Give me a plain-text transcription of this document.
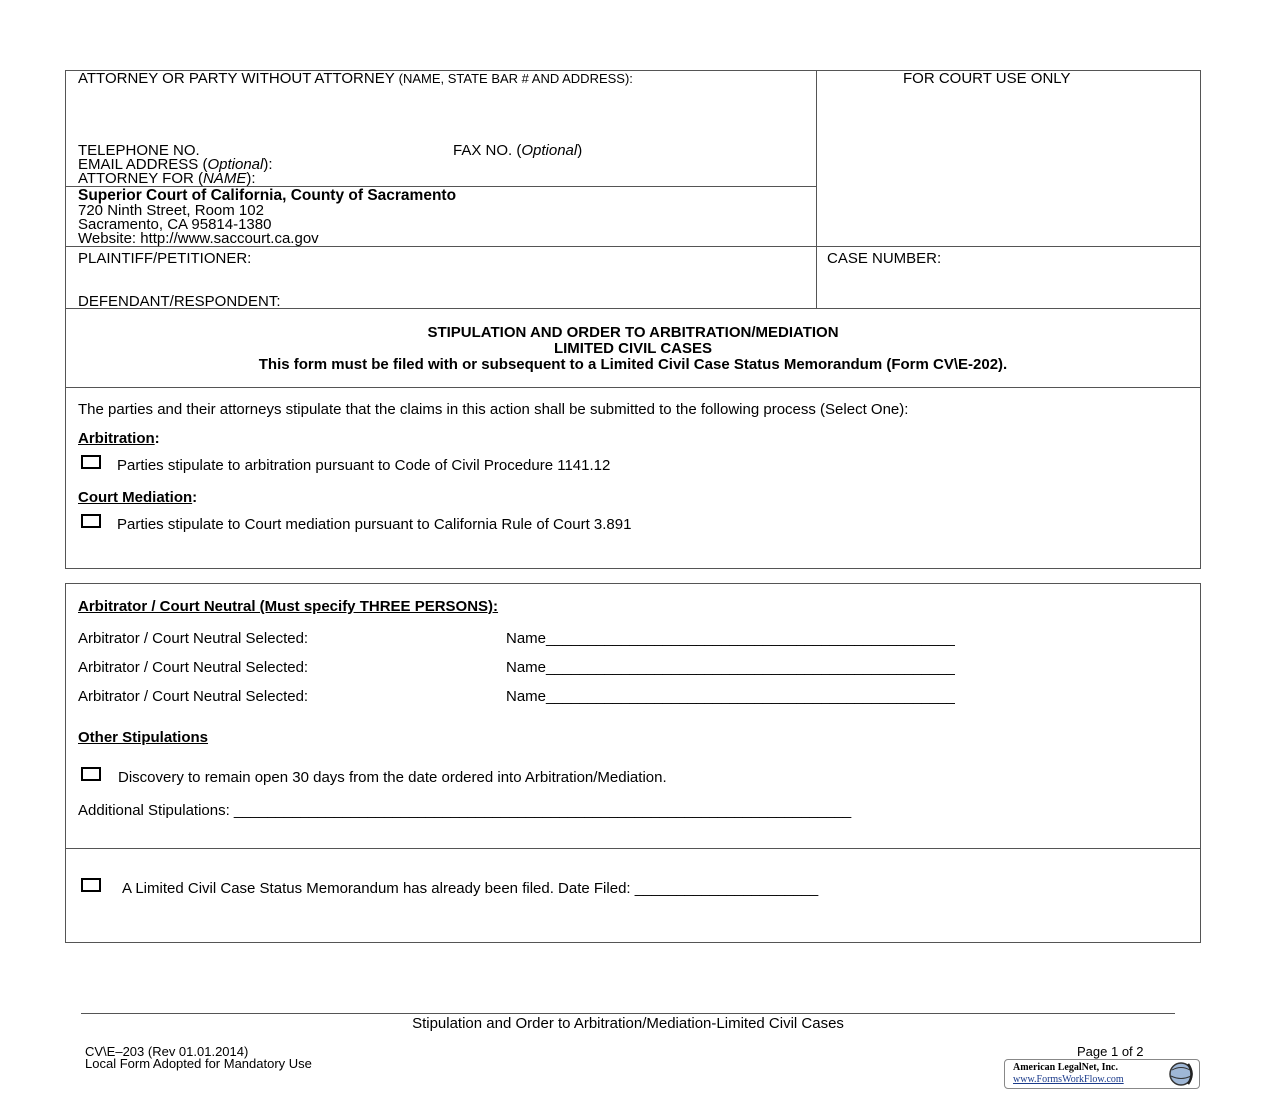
ATTORNEY OR PARTY WITHOUT ATTORNEY (NAME, STATE BAR # AND ADDRESS):	FOR COURT USE ONLY
TELEPHONE NO.	FAX NO. (Optional)
EMAIL ADDRESS (Optional):
ATTORNEY FOR (NAME):
Superior Court of California, County of Sacramento
720 Ninth Street, Room 102
Sacramento, CA 95814-1380
Website: http://www.saccourt.ca.gov
PLAINTIFF/PETITIONER:
DEFENDANT/RESPONDENT:
CASE NUMBER:
STIPULATION AND ORDER TO ARBITRATION/MEDIATION
LIMITED CIVIL CASES
This form must be filed with or subsequent to a Limited Civil Case Status Memorandum (Form CV\E-202).
The parties and their attorneys stipulate that the claims in this action shall be submitted to the following process (Select One):
Arbitration:
Parties stipulate to arbitration pursuant to Code of Civil Procedure 1141.12
Court Mediation:
Parties stipulate to Court mediation pursuant to California Rule of Court 3.891
Arbitrator / Court Neutral (Must specify THREE PERSONS):
Arbitrator / Court Neutral Selected:	Name_________________________________________________
Arbitrator / Court Neutral Selected:	Name_________________________________________________
Arbitrator / Court Neutral Selected:	Name_________________________________________________
Other Stipulations
Discovery to remain open 30 days from the date ordered into Arbitration/Mediation.
Additional Stipulations: __________________________________________________________________________
A Limited Civil Case Status Memorandum has already been filed. Date Filed: ______________________
Stipulation and Order to Arbitration/Mediation-Limited Civil Cases
CV\E–203 (Rev 01.01.2014)
Local Form Adopted for Mandatory Use
Page 1 of 2
American LegalNet, Inc.
www.FormsWorkFlow.com
